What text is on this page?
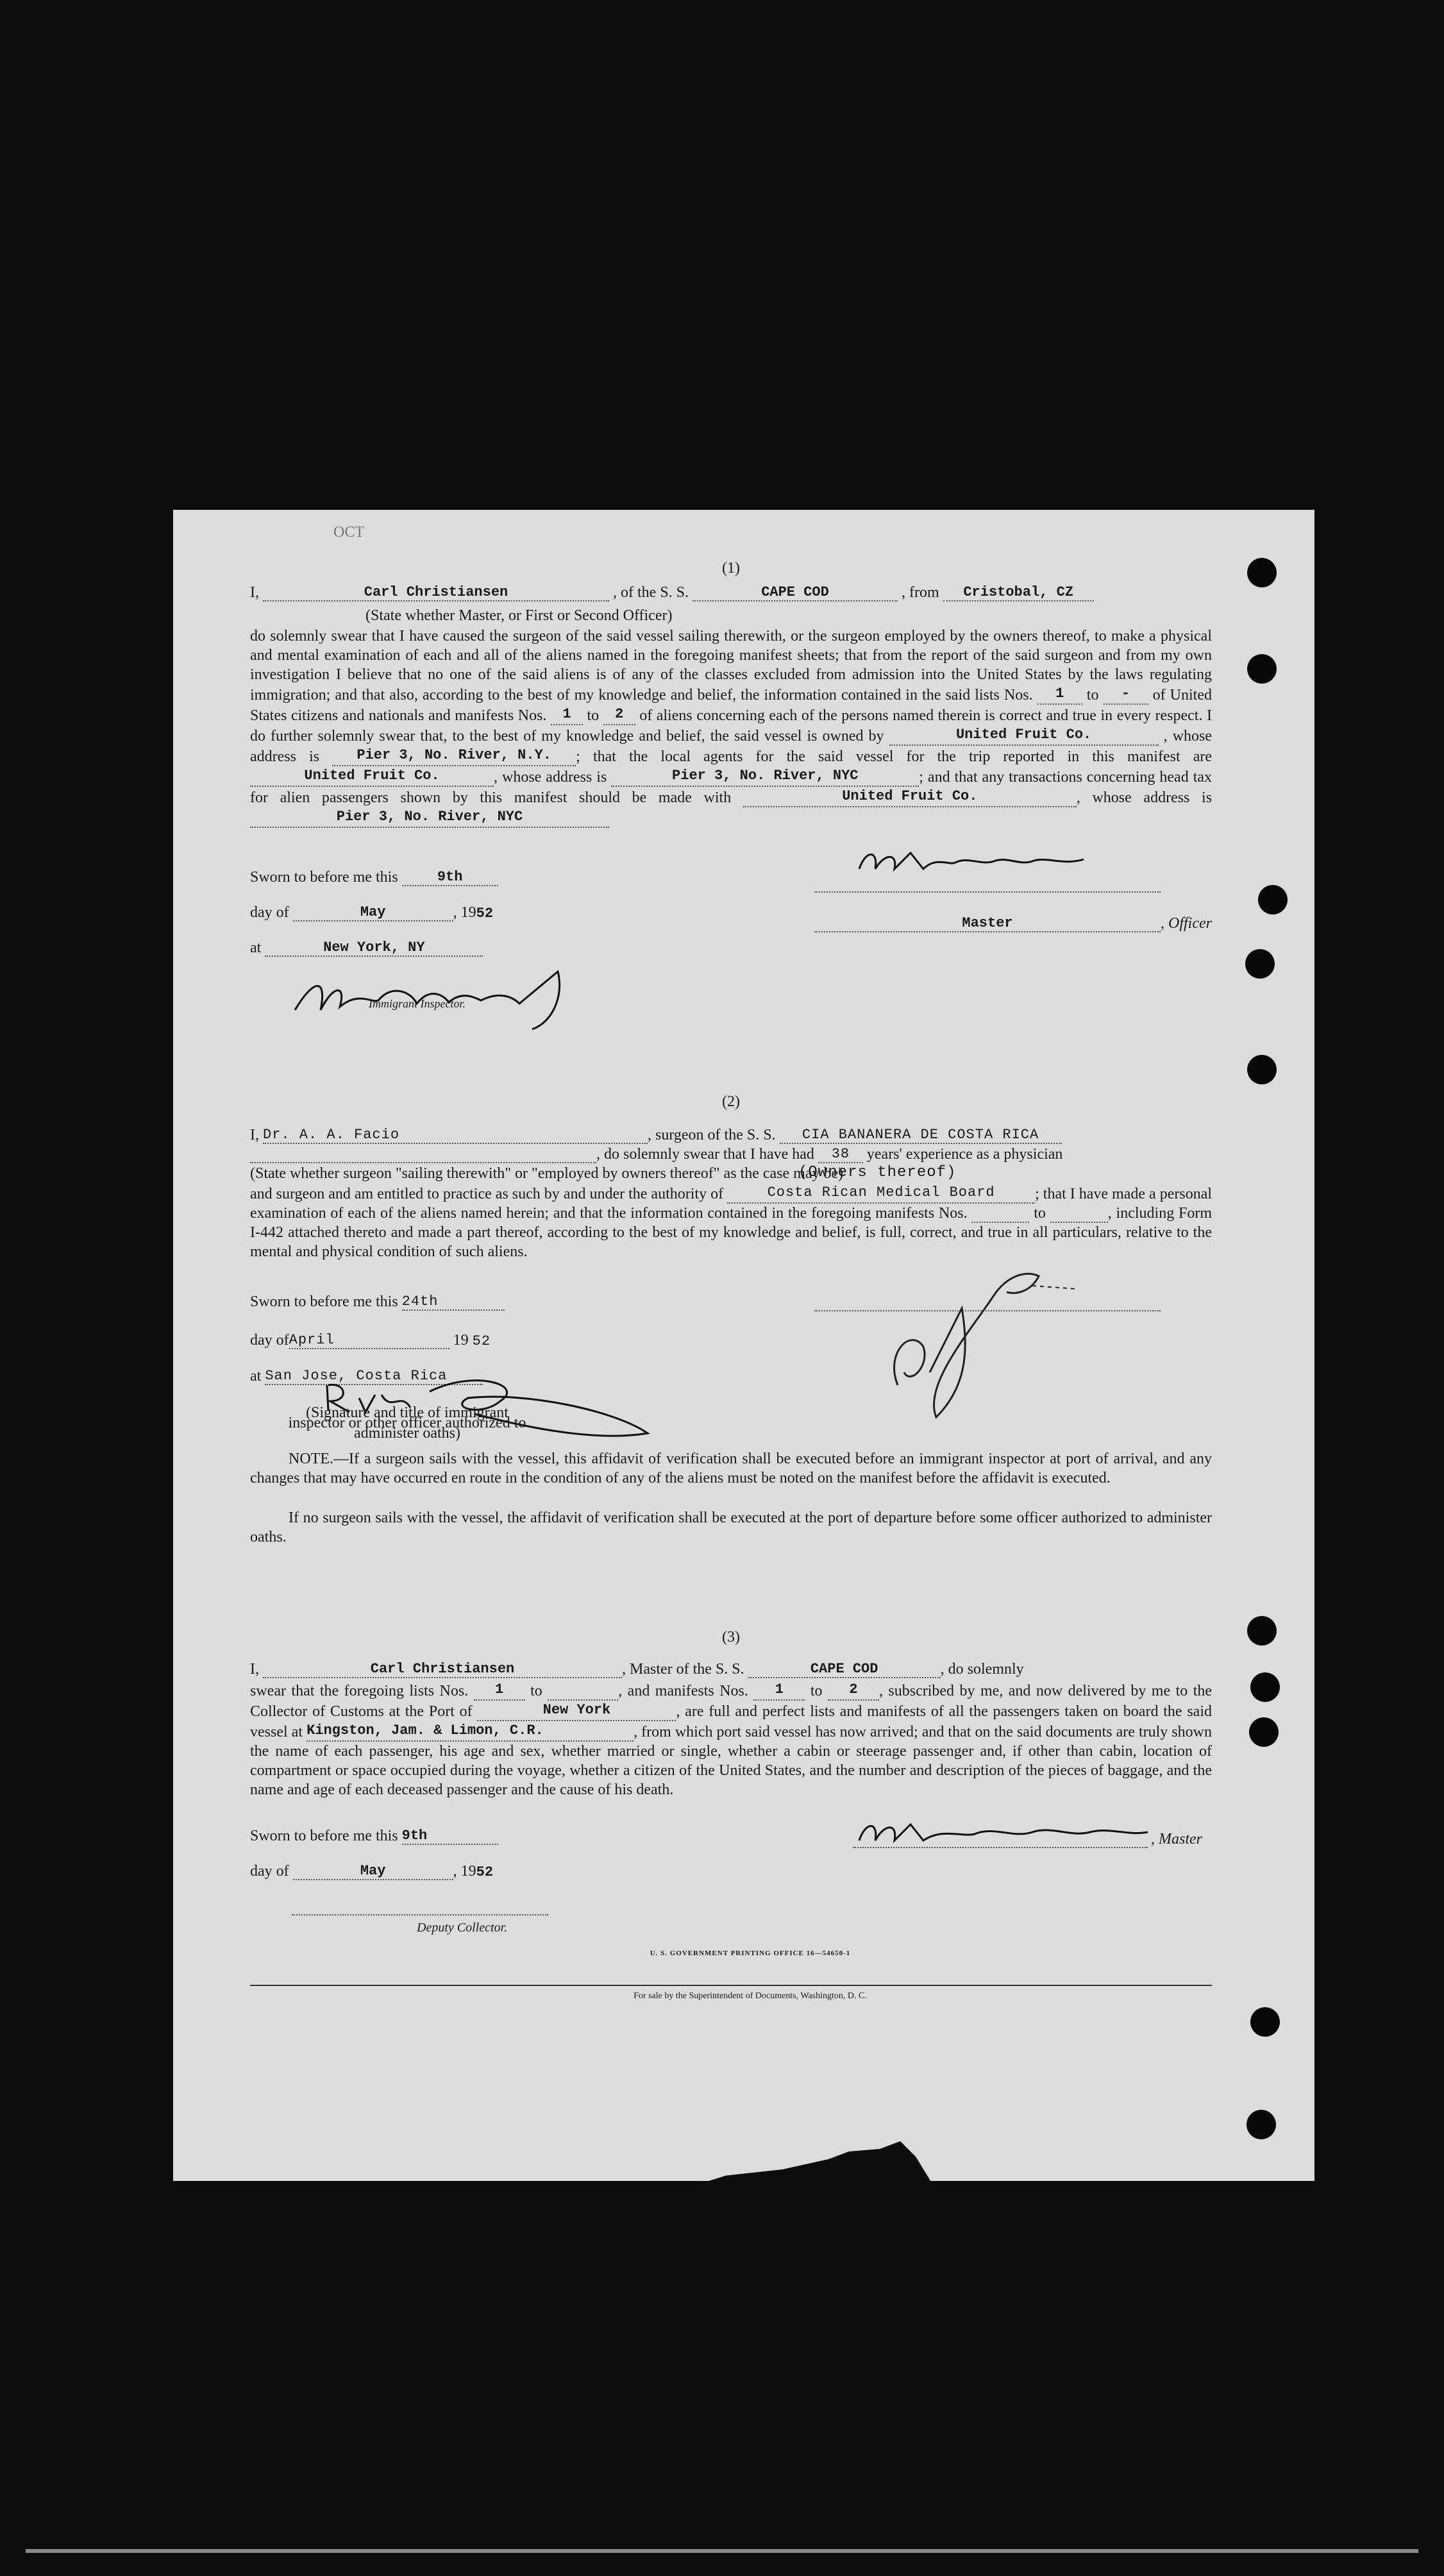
OCT
(1)
I,	Carl Christiansen	, of the S. S.	CAPE COD	, from Cristobal, CZ
(State whether Master, or First or Second Officer)
do solemnly swear that I have caused the surgeon of the said vessel sailing therewith, or the surgeon employed by the owners thereof, to make a physical and mental examination of each and all of the aliens named in the foregoing manifest sheets; that from the report of the said surgeon and from my own investigation I believe that no one of the said aliens is of any of the classes excluded from admission into the United States by the laws regulating immigration; and that also, according to the best of my knowledge and belief, the information contained in the said lists Nos. 1 to - of United States citizens and nationals and manifests Nos. 1 to 2 of aliens concerning each of the persons named therein is correct and true in every respect. I do further solemnly swear that, to the best of my knowledge and belief, the said vessel is owned by	United Fruit Co.	, whose address is	Pier 3, No. River, N.Y. ; that the local agents for the said vessel for the trip reported in this manifest are United Fruit Co.	, whose address is	Pier 3, No. River, NYC	; and that any transactions concerning head tax for alien passengers shown by this manifest should be made with	United Fruit Co.	, whose address is Pier 3, No. River, NYC
Sworn to before me this	9th
day of	May	, 1952
at	New York, NY
Immigrant Inspector.
Master	, Officer
(2)
I, Dr. A. A. Facio	, surgeon of the S. S. CIA BANANERA DE COSTA RICA
, do solemnly swear that I have had 38 years' experience as a physician
(State whether surgeon "sailing therewith" or "employed by owners thereof" as the case may be)
(Owners thereof)
and surgeon and am entitled to practice as such by and under the authority of	Costa Rican Medical Board	; that I have made a personal examination of each of the aliens named herein; and that the information contained in the foregoing manifests Nos.	to	, including Form I-442 attached thereto and made a part thereof, according to the best of my knowledge and belief, is full, correct, and true in all particulars, relative to the mental and physical condition of such aliens.
Sworn to before me this 24th
day ofApril	19 52
at San Jose, Costa Rica
(Signature and title of immigrant inspector or other officer authorized to administer oaths)
NOTE.—If a surgeon sails with the vessel, this affidavit of verification shall be executed before an immigrant inspector at port of arrival, and any changes that may have occurred en route in the condition of any of the aliens must be noted on the manifest before the affidavit is executed.
If no surgeon sails with the vessel, the affidavit of verification shall be executed at the port of departure before some officer authorized to administer oaths.
(3)
I,	Carl Christiansen	, Master of the S. S.	CAPE COD	, do solemnly
swear that the foregoing lists Nos. 1 to	, and manifests Nos. 1 to 2 , subscribed by me, and now delivered by me to the Collector of Customs at the Port of	New York	, are full and perfect lists and manifests of all the passengers taken on board the said vessel at Kingston, Jam. & Limon, C.R.	, from which port said vessel has now arrived; and that on the said documents are truly shown the name of each passenger, his age and sex, whether married or single, whether a cabin or steerage passenger and, if other than cabin, location of compartment or space occupied during the voyage, whether a citizen of the United States, and the number and description of the pieces of baggage, and the name and age of each deceased passenger and the cause of his death.
Sworn to before me this 9th	, Master
day of	May	, 1952
Deputy Collector.
U. S. GOVERNMENT PRINTING OFFICE 16—54650-1
For sale by the Superintendent of Documents, Washington, D. C.
